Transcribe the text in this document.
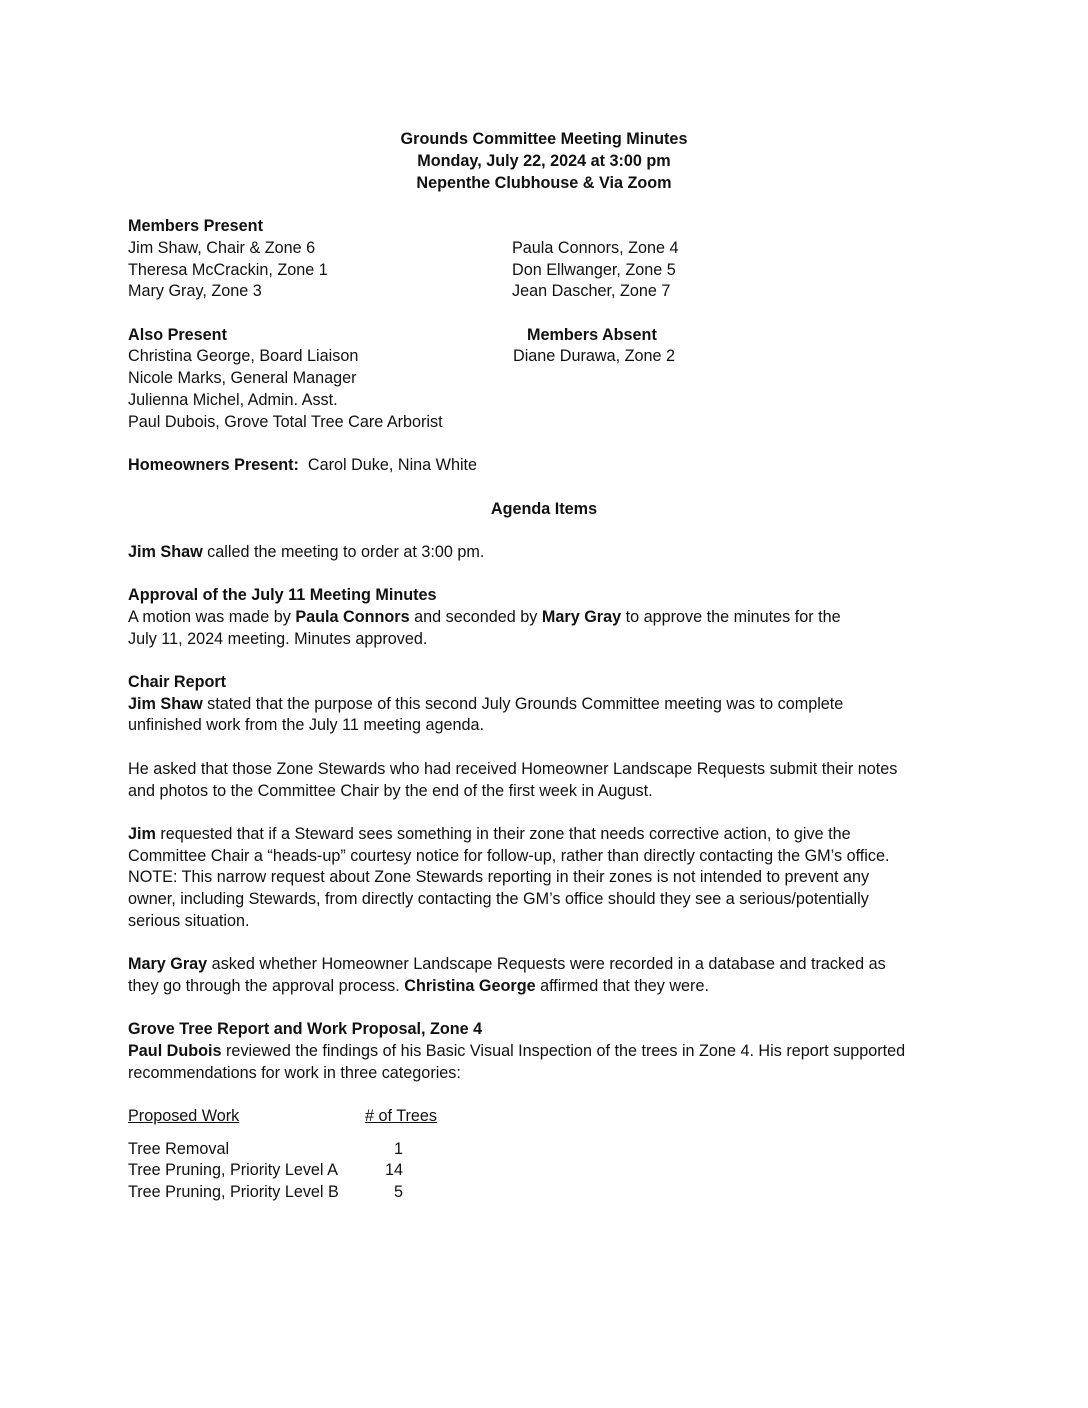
Grounds Committee Meeting Minutes
Monday, July 22, 2024 at 3:00 pm
Nepenthe Clubhouse & Via Zoom
Members Present
Jim Shaw, Chair & Zone 6
Theresa McCrackin, Zone 1
Mary Gray, Zone 3
Paula Connors, Zone 4
Don Ellwanger, Zone 5
Jean Dascher, Zone 7
Also Present
Christina George, Board Liaison
Nicole Marks, General Manager
Julienna Michel, Admin. Asst.
Paul Dubois, Grove Total Tree Care Arborist
Members Absent
Diane Durawa, Zone 2
Homeowners Present: Carol Duke, Nina White
Agenda Items
Jim Shaw called the meeting to order at 3:00 pm.
Approval of the July 11 Meeting Minutes
A motion was made by Paula Connors and seconded by Mary Gray to approve the minutes for the
July 11, 2024 meeting. Minutes approved.
Chair Report
Jim Shaw stated that the purpose of this second July Grounds Committee meeting was to complete
unfinished work from the July 11 meeting agenda.
He asked that those Zone Stewards who had received Homeowner Landscape Requests submit their notes
and photos to the Committee Chair by the end of the first week in August.
Jim requested that if a Steward sees something in their zone that needs corrective action, to give the
Committee Chair a “heads-up” courtesy notice for follow-up, rather than directly contacting the GM’s office.
NOTE: This narrow request about Zone Stewards reporting in their zones is not intended to prevent any
owner, including Stewards, from directly contacting the GM’s office should they see a serious/potentially
serious situation.
Mary Gray asked whether Homeowner Landscape Requests were recorded in a database and tracked as
they go through the approval process. Christina George affirmed that they were.
Grove Tree Report and Work Proposal, Zone 4
Paul Dubois reviewed the findings of his Basic Visual Inspection of the trees in Zone 4. His report supported
recommendations for work in three categories:
Proposed Work	# of Trees
Tree Removal	1
Tree Pruning, Priority Level A	14
Tree Pruning, Priority Level B	5
